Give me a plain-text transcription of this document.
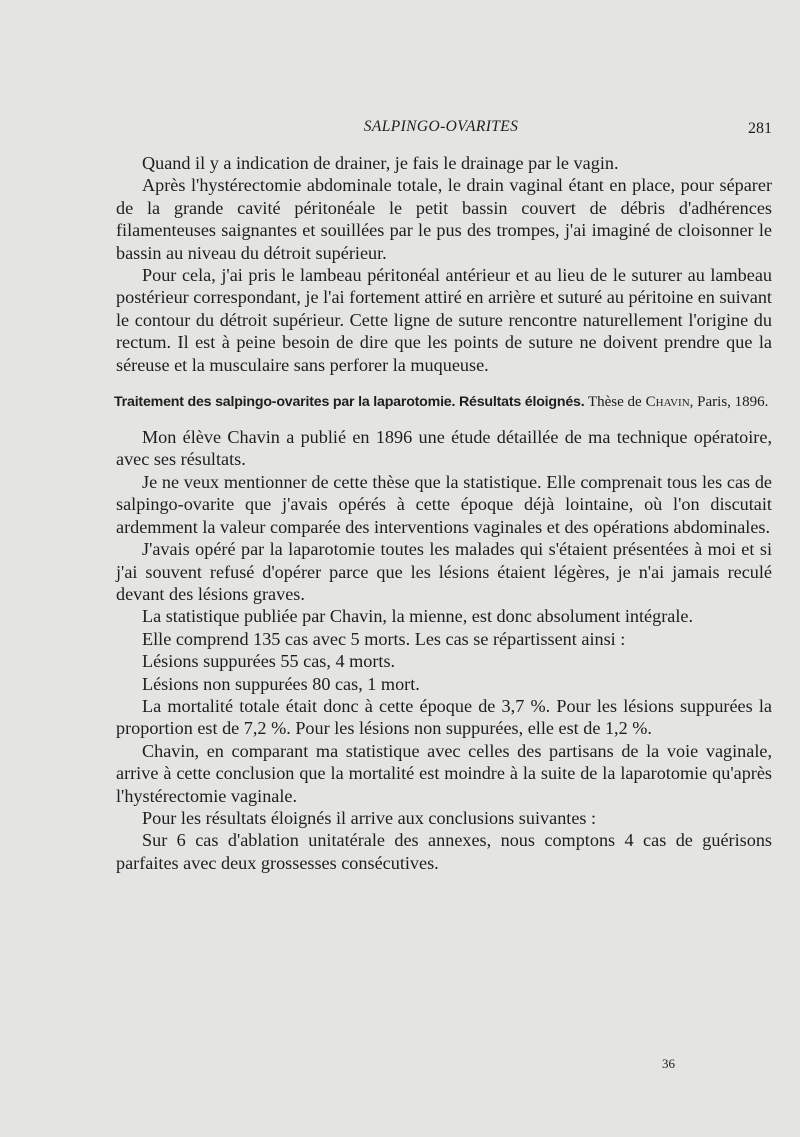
SALPINGO-OVARITES	281

Quand il y a indication de drainer, je fais le drainage par le vagin.

Après l'hystérectomie abdominale totale, le drain vaginal étant en place, pour séparer de la grande cavité péritonéale le petit bassin couvert de débris d'adhérences filamenteuses saignantes et souillées par le pus des trompes, j'ai imaginé de cloisonner le bassin au niveau du détroit supérieur.

Pour cela, j'ai pris le lambeau péritonéal antérieur et au lieu de le suturer au lambeau postérieur correspondant, je l'ai fortement attiré en arrière et suturé au péritoine en suivant le contour du détroit supérieur. Cette ligne de suture rencontre naturellement l'origine du rectum. Il est à peine besoin de dire que les points de suture ne doivent prendre que la séreuse et la musculaire sans perforer la muqueuse.

Traitement des salpingo-ovarites par la laparotomie. Résultats éloignés. Thèse de Chavin, Paris, 1896.

Mon élève Chavin a publié en 1896 une étude détaillée de ma technique opératoire, avec ses résultats.

Je ne veux mentionner de cette thèse que la statistique. Elle comprenait tous les cas de salpingo-ovarite que j'avais opérés à cette époque déjà lointaine, où l'on discutait ardemment la valeur comparée des interventions vaginales et des opérations abdominales.

J'avais opéré par la laparotomie toutes les malades qui s'étaient présentées à moi et si j'ai souvent refusé d'opérer parce que les lésions étaient légères, je n'ai jamais reculé devant des lésions graves.

La statistique publiée par Chavin, la mienne, est donc absolument intégrale.

Elle comprend 135 cas avec 5 morts. Les cas se répartissent ainsi :

Lésions suppurées 55 cas, 4 morts.

Lésions non suppurées 80 cas, 1 mort.

La mortalité totale était donc à cette époque de 3,7 %. Pour les lésions suppurées la proportion est de 7,2 %. Pour les lésions non suppurées, elle est de 1,2 %.

Chavin, en comparant ma statistique avec celles des partisans de la voie vaginale, arrive à cette conclusion que la mortalité est moindre à la suite de la laparotomie qu'après l'hystérectomie vaginale.

Pour les résultats éloignés il arrive aux conclusions suivantes :

Sur 6 cas d'ablation unitatérale des annexes, nous comptons 4 cas de guérisons parfaites avec deux grossesses consécutives.

36
